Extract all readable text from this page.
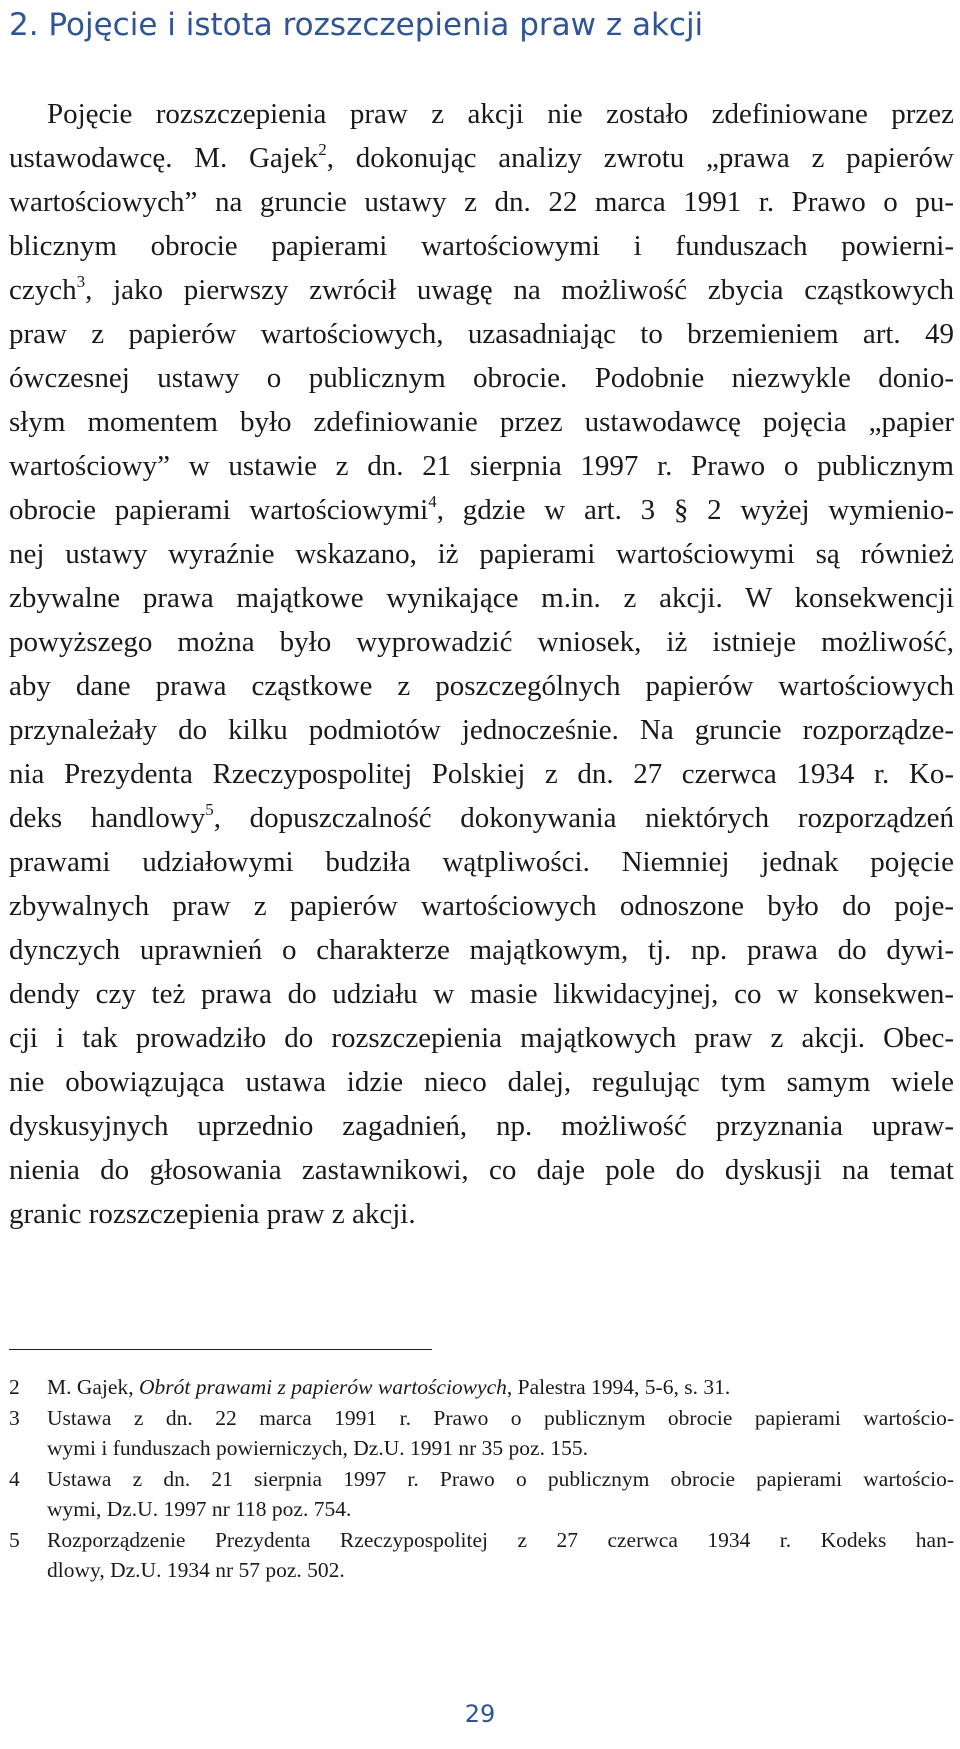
2. Pojęcie i istota rozszczepienia praw z akcji
Pojęcie rozszczepienia praw z akcji nie zostało zdefiniowane przez
ustawodawcę. M. Gajek$^2$, dokonując analizy zwrotu „prawa z papierów
wartościowych” na gruncie ustawy z dn. 22 marca 1991 r. Prawo o pu-
blicznym obrocie papierami wartościowymi i funduszach powierni-
czych$^3$, jako pierwszy zwrócił uwagę na możliwość zbycia cząstkowych
praw z papierów wartościowych, uzasadniając to brzemieniem art. 49
ówczesnej ustawy o publicznym obrocie. Podobnie niezwykle donio-
słym momentem było zdefiniowanie przez ustawodawcę pojęcia „papier
wartościowy” w ustawie z dn. 21 sierpnia 1997 r. Prawo o publicznym
obrocie papierami wartościowymi$^4$, gdzie w art. 3 § 2 wyżej wymienio-
nej ustawy wyraźnie wskazano, iż papierami wartościowymi są również
zbywalne prawa majątkowe wynikające m.in. z akcji. W konsekwencji
powyższego można było wyprowadzić wniosek, iż istnieje możliwość,
aby dane prawa cząstkowe z poszczególnych papierów wartościowych
przynależały do kilku podmiotów jednocześnie. Na gruncie rozporządze-
nia Prezydenta Rzeczypospolitej Polskiej z dn. 27 czerwca 1934 r. Ko-
deks handlowy$^5$, dopuszczalność dokonywania niektórych rozporządzeń
prawami udziałowymi budziła wątpliwości. Niemniej jednak pojęcie
zbywalnych praw z papierów wartościowych odnoszone było do poje-
dynczych uprawnień o charakterze majątkowym, tj. np. prawa do dywi-
dendy czy też prawa do udziału w masie likwidacyjnej, co w konsekwen-
cji i tak prowadziło do rozszczepienia majątkowych praw z akcji. Obec-
nie obowiązująca ustawa idzie nieco dalej, regulując tym samym wiele
dyskusyjnych uprzednio zagadnień, np. możliwość przyznania upraw-
nienia do głosowania zastawnikowi, co daje pole do dyskusji na temat
granic rozszczepienia praw z akcji.
2	M. Gajek, Obrót prawami z papierów wartościowych, Palestra 1994, 5-6, s. 31.
3	Ustawa z dn. 22 marca 1991 r. Prawo o publicznym obrocie papierami wartościo-
wymi i funduszach powierniczych, Dz.U. 1991 nr 35 poz. 155.
4	Ustawa z dn. 21 sierpnia 1997 r. Prawo o publicznym obrocie papierami wartościo-
wymi, Dz.U. 1997 nr 118 poz. 754.
5	Rozporządzenie Prezydenta Rzeczypospolitej z 27 czerwca 1934 r. Kodeks han-
dlowy, Dz.U. 1934 nr 57 poz. 502.
29
